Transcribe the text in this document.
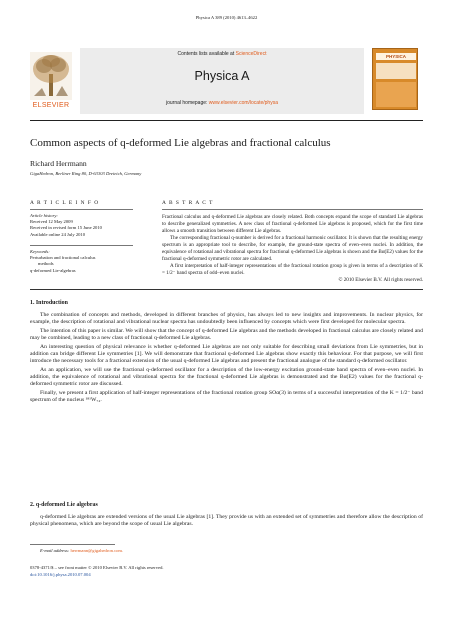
Physica A 389 (2010) 4613–4622
ELSEVIER
Contents lists available at ScienceDirect
Physica A
journal homepage: www.elsevier.com/locate/physa
PHYSICA
Common aspects of q-deformed Lie algebras and fractional calculus
Richard Herrmann
GigaHedron, Berliner Ring 80, D-63303 Dreieich, Germany
A R T I C L E I N F O
Article history:
Received 12 May 2009
Received in revised form 15 June 2010
Available online 24 July 2010
Keywords:
Perturbation and fractional calculus
methods
q-deformed Lie-algebras
A B S T R A C T

Fractional calculus and q-deformed Lie algebras are closely related. Both concepts expand the scope of standard Lie algebras to describe generalized symmetries. A new class of fractional q-deformed Lie algebras is proposed, which for the first time allows a smooth transition between different Lie algebras.

The corresponding fractional q-number is derived for a fractional harmonic oscillator. It is shown that the resulting energy spectrum is an appropriate tool to describe, for example, the ground-state spectra of even–even nuclei. In addition, the equivalence of rotational and vibrational spectra for fractional q-deformed Lie algebras is shown and the Bα(E2) values for the fractional q-deformed symmetric rotor are calculated.

A first interpretation of half-integer representations of the fractional rotation group is given in terms of a description of K = 1/2⁻ band spectra of odd–even nuclei.

© 2010 Elsevier B.V. All rights reserved.

1. Introduction

The combination of concepts and methods, developed in different branches of physics, has always led to new insights and improvements. In nuclear physics, for example, the description of rotational and vibrational nuclear spectra has undoubtedly been influenced by concepts which were first developed for molecular spectra.

The intention of this paper is similar. We will show that the concept of q-deformed Lie algebras and the methods developed in fractional calculus are closely related and may be combined, leading to a new class of fractional q-deformed Lie algebras.

An interesting question of physical relevance is whether q-deformed Lie algebras are not only suitable for describing small deviations from Lie symmetries, but in addition can bridge different Lie symmetries [1]. We will demonstrate that fractional q-deformed Lie algebras show exactly this behaviour. For that purpose, we will first introduce the necessary tools for a fractional extension of the usual q-deformed Lie algebras and present the fractional analogue of the standard q-deformed oscillator.

As an application, we will use the fractional q-deformed oscillator for a description of the low-energy excitation ground-state band spectra of even–even nuclei. In addition, the equivalence of rotational and vibrational spectra for the fractional q-deformed Lie algebras is demonstrated and the Bα(E2) values for the fractional q-deformed symmetric rotor are discussed.

Finally, we present a first application of half-integer representations of the fractional rotation group SOα(3) in terms of a successful interpretation of the K = 1/2⁻ band spectrum of the nucleus ¹⁸¹W₇₄.

2. q-deformed Lie algebras

q-deformed Lie algebras are extended versions of the usual Lie algebras [1]. They provide us with an extended set of symmetries and therefore allow the description of physical phenomena, which are beyond the scope of usual Lie algebras.

E-mail address: herrmann@gigahedron.com.
0378-4371/$ – see front matter © 2010 Elsevier B.V. All rights reserved.
doi:10.1016/j.physa.2010.07.004
